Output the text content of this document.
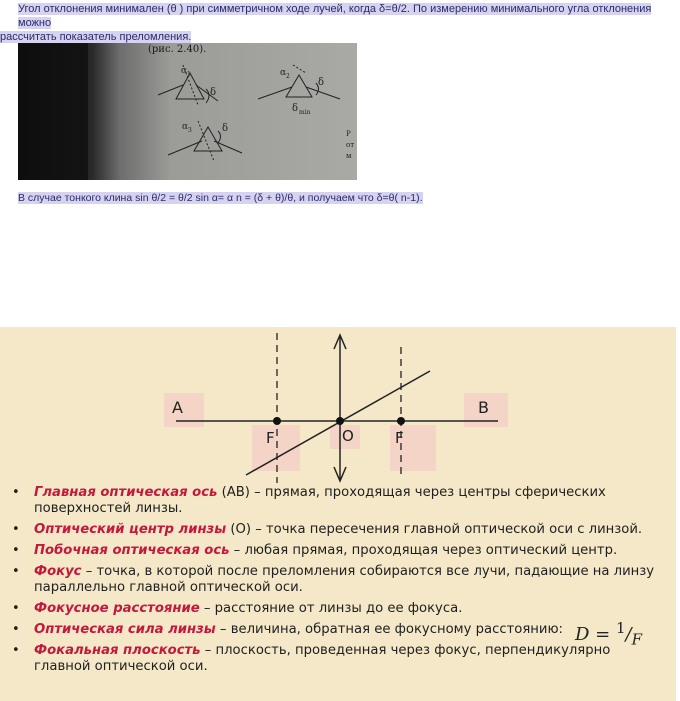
Угол отклонения минимален (θ ) при симметричном ходе лучей, когда δ=θ/2. По измерению минимального угла отклонения можно
рассчитать показатель преломления.
(рис. 2.40).
α 1
δ
α 2
δ
δ min
α 3	δ	Р
от
м

В случае тонкого клина sin θ/2 = θ/2 sin α= α n = (δ + θ)/θ, и получаем что δ=θ( n-1).

A	B
F	O	F
• Главная оптическая ось (AB) – прямая, проходящая через центры сферических поверхностей линзы.
• Оптический центр линзы (O) – точка пересечения главной оптической оси с линзой.
• Побочная оптическая ось – любая прямая, проходящая через оптический центр.
• Фокус – точка, в которой после преломления собираются все лучи, падающие на линзу параллельно главной оптической оси.
• Фокусное расстояние – расстояние от линзы до ее фокуса.
• Оптическая сила линзы – величина, обратная ее фокусному расстоянию: $D = ^1/_F$
• Фокальная плоскость – плоскость, проведенная через фокус, перпендикулярно главной оптической оси.
